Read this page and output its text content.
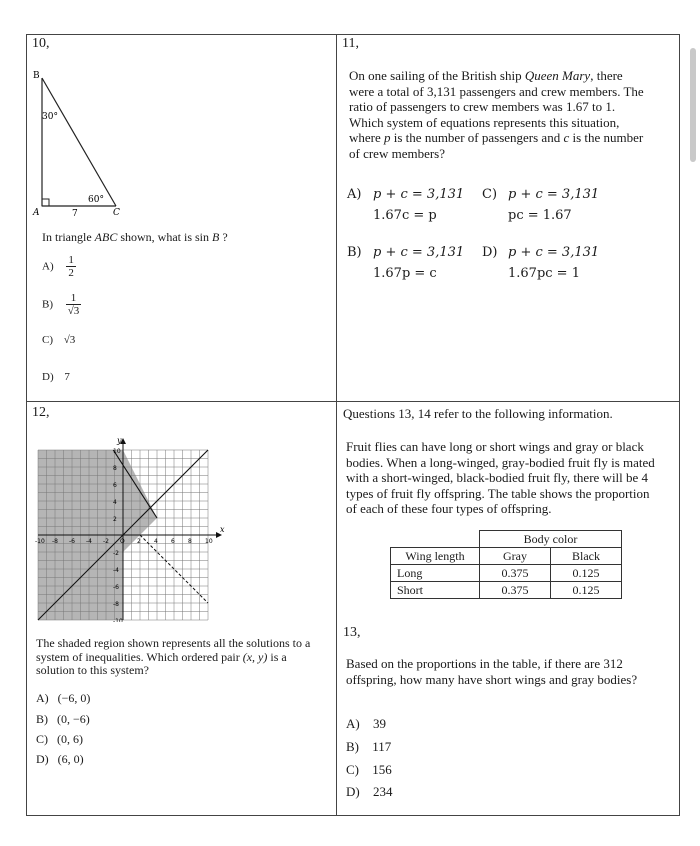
10,
B
A	C
30°
60°
7
In triangle ABC shown, what is sin B ?
$A) \frac{1}{2}$
$B) \frac{1}{√3}$
C) √3
D) 7
11,
On one sailing of the British ship Queen Mary, there were a total of 3,131 passengers and crew members. The ratio of passengers to crew members was 1.67 to 1. Which system of equations represents this situation, where p is the number of passengers and c is the number of crew members?
A) p + c = 3,131
1.67c = p
C) p + c = 3,131
pc = 1.67
B) p + c = 3,131
1.67p = c
D) p + c = 3,131
1.67pc = 1
12,
y
x
10
8
6
4
2
-2
-4
-6
-8
-10
-10 -8 -6 -4 -2 O 2 4 6 8 10
The shaded region shown represents all the solutions to a system of inequalities. Which ordered pair (x, y) is a solution to this system?
A) (−6, 0)
B) (0, −6)
C) (0, 6)
D) (6, 0)
Questions 13, 14 refer to the following information.
Fruit flies can have long or short wings and gray or black bodies. When a long-winged, gray-bodied fruit fly is mated with a short-winged, black-bodied fruit fly, there will be 4 types of fruit fly offspring. The table shows the proportion of each of these four types of offspring.
	Body color	
Wing length	Gray	Black
Long	0.375	0.125
Short	0.375	0.125
13,
Based on the proportions in the table, if there are 312 offspring, how many have short wings and gray bodies?
A) 39
B) 117
C) 156
D) 234
